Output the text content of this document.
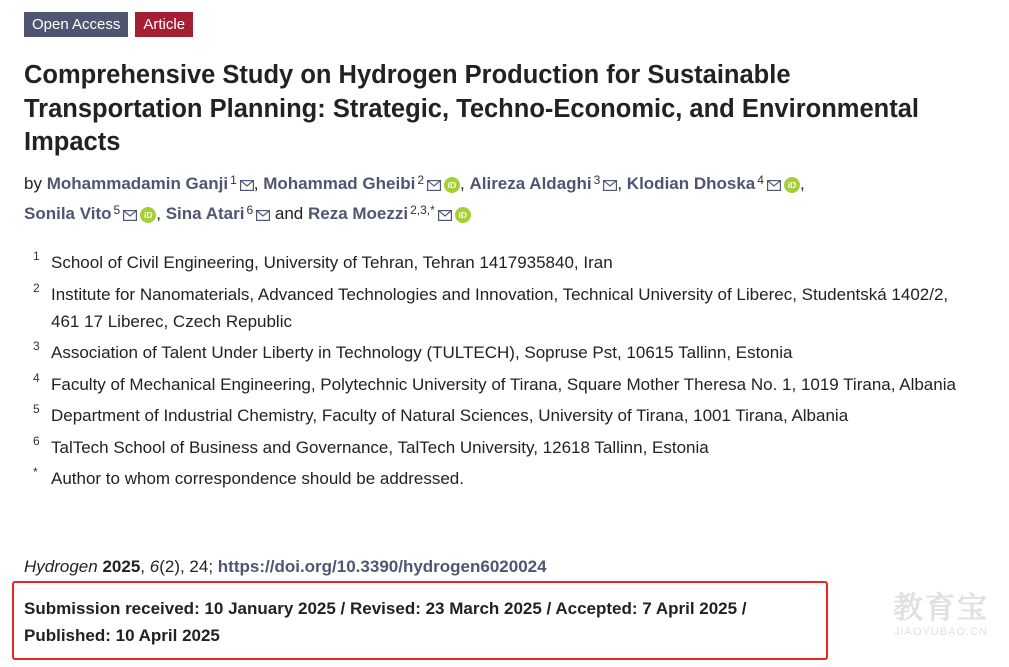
Open Access	Article
Comprehensive Study on Hydrogen Production for Sustainable Transportation Planning: Strategic, Techno-Economic, and Environmental Impacts
by Mohammadamin Ganji $^1$ , Mohammad Gheibi $^2$	iD , Alireza Aldaghi $^3$ , Klodian Dhoska $^4$	iD ,
Sonila Vito $^5$	iD , Sina Atari $^6$ and Reza Moezzi $^{2,3,*}$	iD
1 School of Civil Engineering, University of Tehran, Tehran 1417935840, Iran
2 Institute for Nanomaterials, Advanced Technologies and Innovation, Technical University of Liberec, Studentská 1402/2, 461 17 Liberec, Czech Republic
3 Association of Talent Under Liberty in Technology (TULTECH), Sopruse Pst, 10615 Tallinn, Estonia
4 Faculty of Mechanical Engineering, Polytechnic University of Tirana, Square Mother Theresa No. 1, 1019 Tirana, Albania
5 Department of Industrial Chemistry, Faculty of Natural Sciences, University of Tirana, 1001 Tirana, Albania
6 TalTech School of Business and Governance, TalTech University, 12618 Tallinn, Estonia
* Author to whom correspondence should be addressed.
Hydrogen 2025, 6(2), 24; https://doi.org/10.3390/hydrogen6020024
Submission received: 10 January 2025 / Revised: 23 March 2025 / Accepted: 7 April 2025 / Published: 10 April 2025
教育宝
JIAOYUBAO.CN
